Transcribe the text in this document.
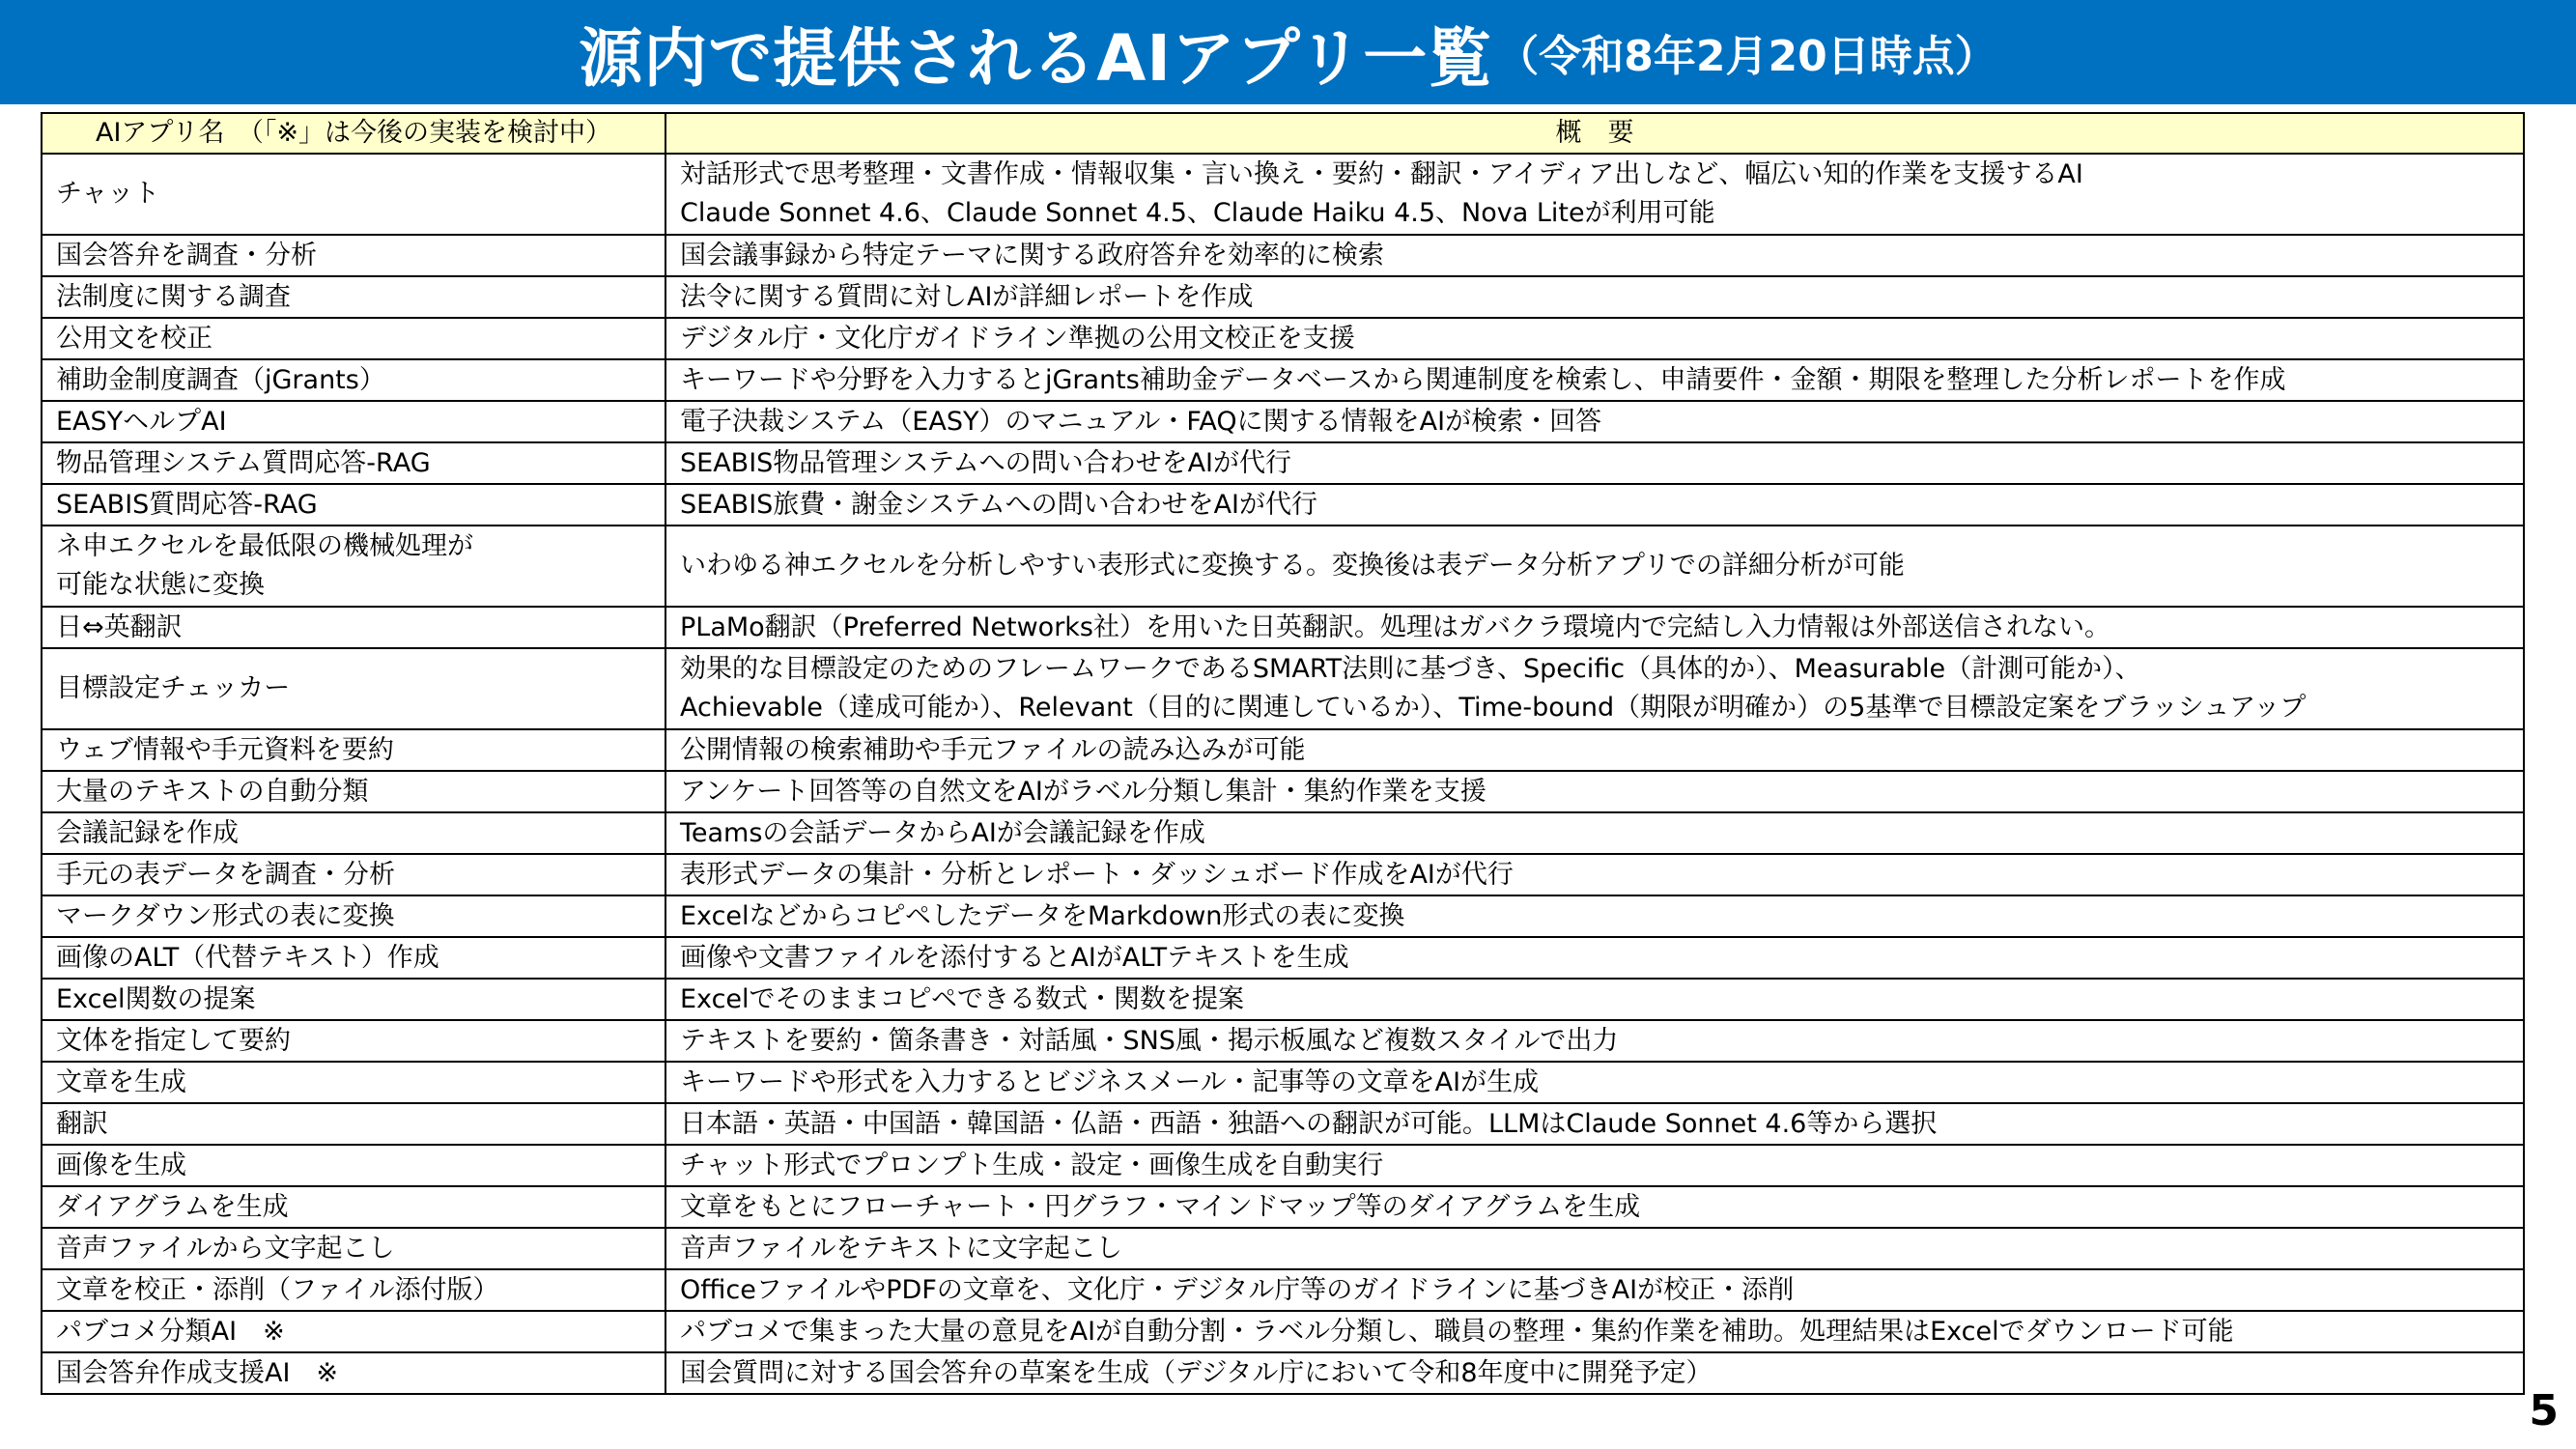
源内で提供されるAIアプリ一覧 （令和8年2月20日時点）
AIアプリ名　（「※」は今後の実装を検討中）	概　要

チャット	対話形式で思考整理・文書作成・情報収集・言い換え・要約・翻訳・アイディア出しなど、幅広い知的作業を支援するAI
Claude Sonnet 4.6、Claude Sonnet 4.5、Claude Haiku 4.5、Nova Liteが利用可能

国会答弁を調査・分析	国会議事録から特定テーマに関する政府答弁を効率的に検索

法制度に関する調査	法令に関する質問に対しAIが詳細レポートを作成

公用文を校正	デジタル庁・文化庁ガイドライン準拠の公用文校正を支援

補助金制度調査（jGrants）	キーワードや分野を入力するとjGrants補助金データベースから関連制度を検索し、申請要件・金額・期限を整理した分析レポートを作成

EASYヘルプAI	電子決裁システム（EASY）のマニュアル・FAQに関する情報をAIが検索・回答

物品管理システム質問応答-RAG	SEABIS物品管理システムへの問い合わせをAIが代行

SEABIS質問応答-RAG	SEABIS旅費・謝金システムへの問い合わせをAIが代行

ネ申エクセルを最低限の機械処理が
可能な状態に変換	いわゆる神エクセルを分析しやすい表形式に変換する。変換後は表データ分析アプリでの詳細分析が可能

日⇔英翻訳	PLaMo翻訳（Preferred Networks社）を用いた日英翻訳。処理はガバクラ環境内で完結し入力情報は外部送信されない。

目標設定チェッカー	効果的な目標設定のためのフレームワークであるSMART法則に基づき、Specific（具体的か）、Measurable（計測可能か）、
Achievable（達成可能か）、Relevant（目的に関連しているか）、Time-bound（期限が明確か）の5基準で目標設定案をブラッシュアップ

ウェブ情報や手元資料を要約	公開情報の検索補助や手元ファイルの読み込みが可能

大量のテキストの自動分類	アンケート回答等の自然文をAIがラベル分類し集計・集約作業を支援

会議記録を作成	Teamsの会話データからAIが会議記録を作成

手元の表データを調査・分析	表形式データの集計・分析とレポート・ダッシュボード作成をAIが代行

マークダウン形式の表に変換	ExcelなどからコピペしたデータをMarkdown形式の表に変換

画像のALT（代替テキスト）作成	画像や文書ファイルを添付するとAIがALTテキストを生成

Excel関数の提案	Excelでそのままコピペできる数式・関数を提案

文体を指定して要約	テキストを要約・箇条書き・対話風・SNS風・掲示板風など複数スタイルで出力

文章を生成	キーワードや形式を入力するとビジネスメール・記事等の文章をAIが生成

翻訳	日本語・英語・中国語・韓国語・仏語・西語・独語への翻訳が可能。LLMはClaude Sonnet 4.6等から選択

画像を生成	チャット形式でプロンプト生成・設定・画像生成を自動実行

ダイアグラムを生成	文章をもとにフローチャート・円グラフ・マインドマップ等のダイアグラムを生成

音声ファイルから文字起こし	音声ファイルをテキストに文字起こし

文章を校正・添削（ファイル添付版）	OfficeファイルやPDFの文章を、文化庁・デジタル庁等のガイドラインに基づきAIが校正・添削

パブコメ分類AI　※	パブコメで集まった大量の意見をAIが自動分割・ラベル分類し、職員の整理・集約作業を補助。処理結果はExcelでダウンロード可能

国会答弁作成支援AI　※	国会質問に対する国会答弁の草案を生成（デジタル庁において令和8年度中に開発予定）
5
